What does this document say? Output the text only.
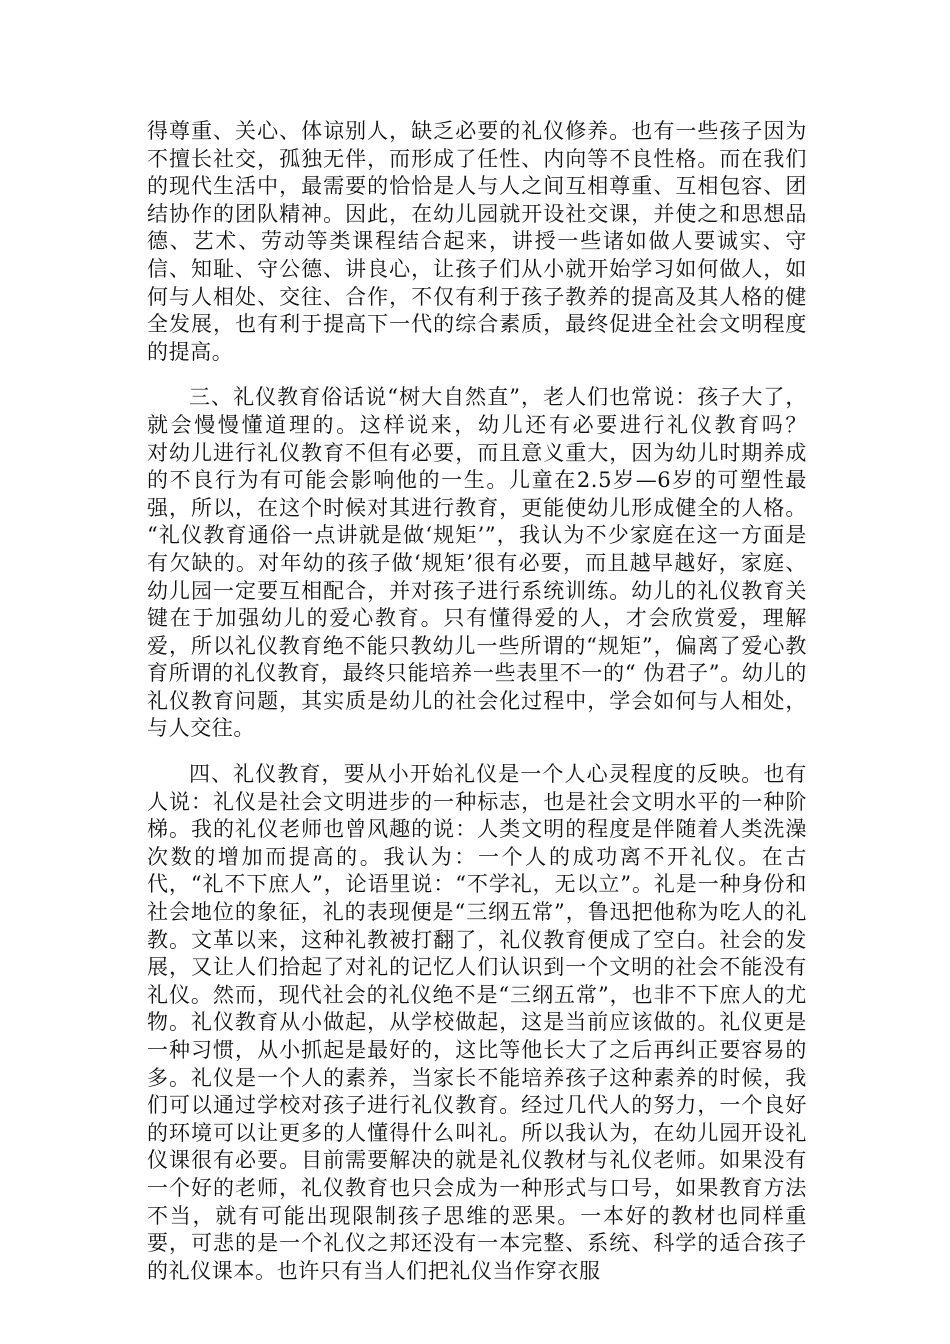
得尊重、关心、体谅别人，缺乏必要的礼仪修养。也有一些孩子因为不擅长社交，孤独无伴，而形成了任性、内向等不良性格。而在我们的现代生活中，最需要的恰恰是人与人之间互相尊重、互相包容、团结协作的团队精神。因此，在幼儿园就开设社交课，并使之和思想品德、艺术、劳动等类课程结合起来，讲授一些诸如做人要诚实、守信、知耻、守公德、讲良心，让孩子们从小就开始学习如何做人，如何与人相处、交往、合作，不仅有利于孩子教养的提高及其人格的健全发展，也有利于提高下一代的综合素质，最终促进全社会文明程度的提高。

三、礼仪教育俗话说“树大自然直”，老人们也常说：孩子大了，就会慢慢懂道理的。这样说来，幼儿还有必要进行礼仪教育吗？　　对幼儿进行礼仪教育不但有必要，而且意义重大，因为幼儿时期养成的不良行为有可能会影响他的一生。儿童在2.5岁—6岁的可塑性最强，所以，在这个时候对其进行教育，更能使幼儿形成健全的人格。 “礼仪教育通俗一点讲就是做‘规矩’”，我认为不少家庭在这一方面是有欠缺的。对年幼的孩子做‘规矩’很有必要，而且越早越好，家庭、幼儿园一定要互相配合，并对孩子进行系统训练。幼儿的礼仪教育关键在于加强幼儿的爱心教育。只有懂得爱的人，才会欣赏爱，理解爱，所以礼仪教育绝不能只教幼儿一些所谓的“规矩”，偏离了爱心教育所谓的礼仪教育，最终只能培养一些表里不一的“ 伪君子”。幼儿的礼仪教育问题，其实质是幼儿的社会化过程中，学会如何与人相处，与人交往。

四、礼仪教育，要从小开始礼仪是一个人心灵程度的反映。也有人说：礼仪是社会文明进步的一种标志，也是社会文明水平的一种阶梯。我的礼仪老师也曾风趣的说：人类文明的程度是伴随着人类洗澡次数的增加而提高的。我认为：一个人的成功离不开礼仪。在古代，“礼不下庶人”，论语里说：“不学礼，无以立”。礼是一种身份和社会地位的象征，礼的表现便是“三纲五常”，鲁迅把他称为吃人的礼教。文革以来，这种礼教被打翻了，礼仪教育便成了空白。社会的发展，又让人们拾起了对礼的记忆人们认识到一个文明的社会不能没有礼仪。然而，现代社会的礼仪绝不是“三纲五常”，也非不下庶人的尤物。礼仪教育从小做起，从学校做起，这是当前应该做的。礼仪更是一种习惯，从小抓起是最好的，这比等他长大了之后再纠正要容易的多。礼仪是一个人的素养，当家长不能培养孩子这种素养的时候，我们可以通过学校对孩子进行礼仪教育。经过几代人的努力，一个良好的环境可以让更多的人懂得什么叫礼。所以我认为，在幼儿园开设礼仪课很有必要。目前需要解决的就是礼仪教材与礼仪老师。如果没有一个好的老师，礼仪教育也只会成为一种形式与口号，如果教育方法不当，就有可能出现限制孩子思维的恶果。一本好的教材也同样重要，可悲的是一个礼仪之邦还没有一本完整、系统、科学的适合孩子的礼仪课本。也许只有当人们把礼仪当作穿衣服
